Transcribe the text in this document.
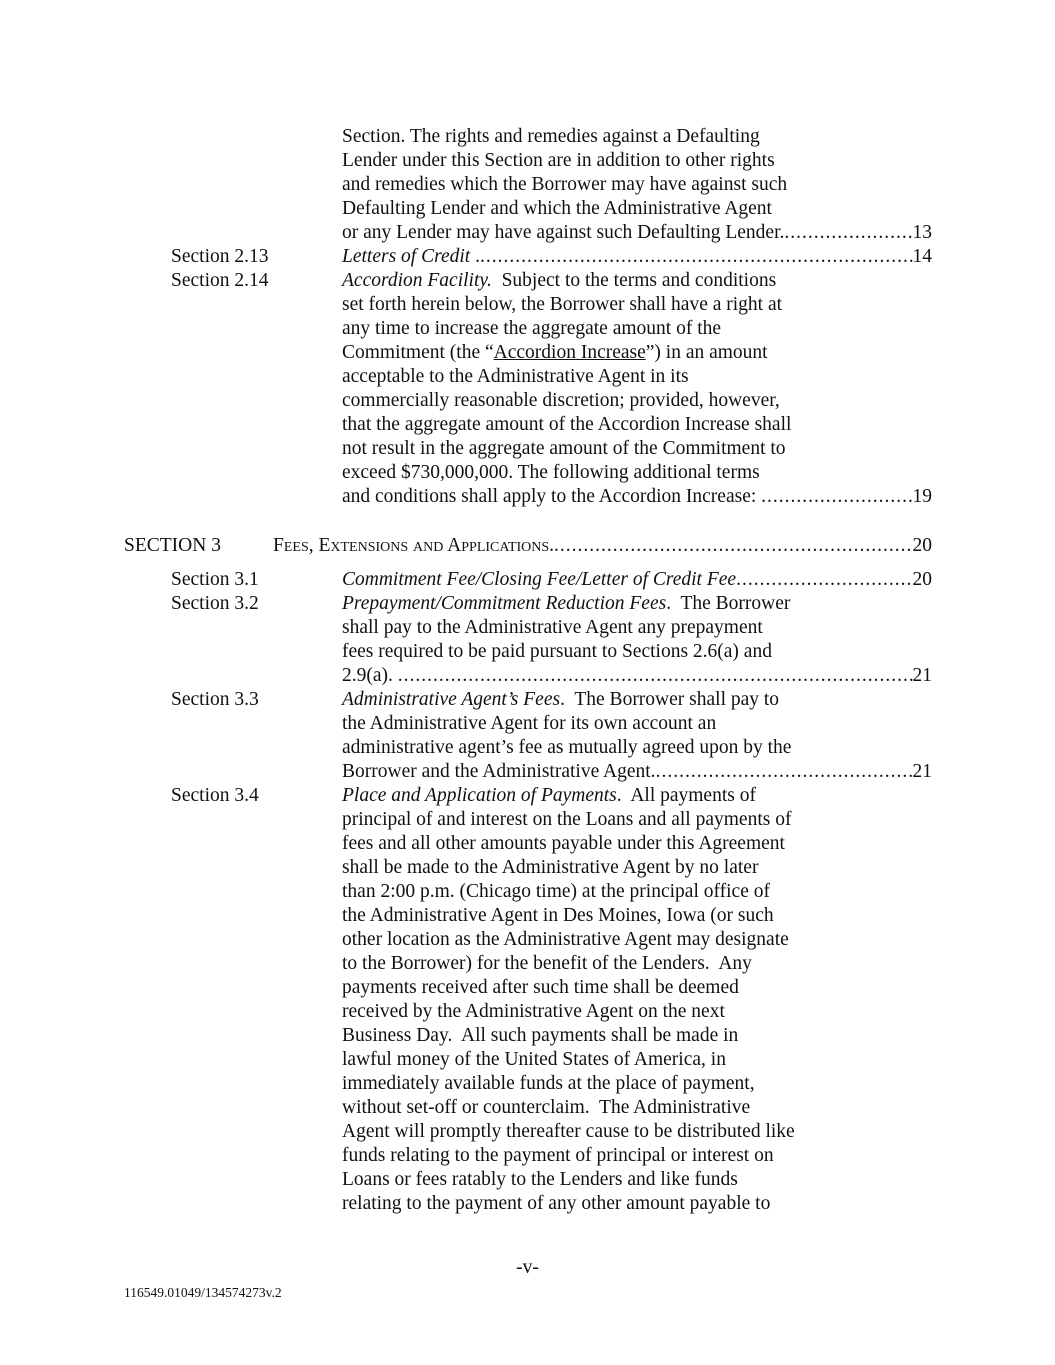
Section. The rights and remedies against a Defaulting
Lender under this Section are in addition to other rights
and remedies which the Borrower may have against such
Defaulting Lender and which the Administrative Agent
or any Lender may have against such Defaulting Lender. .....	13
Section 2.13	Letters of Credit . .....	14
Section 2.14	Accordion Facility.  Subject to the terms and conditions
set forth herein below, the Borrower shall have a right at
any time to increase the aggregate amount of the
Commitment (the “Accordion Increase”) in an amount
acceptable to the Administrative Agent in its
commercially reasonable discretion; provided, however,
that the aggregate amount of the Accordion Increase shall
not result in the aggregate amount of the Commitment to
exceed $730,000,000. The following additional terms
and conditions shall apply to the Accordion Increase: .....	19
SECTION 3	Fees, Extensions and Applications. .....	20
Section 3.1	Commitment Fee/Closing Fee/Letter of Credit Fee .....	20
Section 3.2	Prepayment/Commitment Reduction Fees.  The Borrower
shall pay to the Administrative Agent any prepayment
fees required to be paid pursuant to Sections 2.6(a) and
2.9(a). .....	21
Section 3.3	Administrative Agent’s Fees.  The Borrower shall pay to
the Administrative Agent for its own account an
administrative agent’s fee as mutually agreed upon by the
Borrower and the Administrative Agent. .....	21
Section 3.4	Place and Application of Payments.  All payments of
principal of and interest on the Loans and all payments of
fees and all other amounts payable under this Agreement
shall be made to the Administrative Agent by no later
than 2:00 p.m. (Chicago time) at the principal office of
the Administrative Agent in Des Moines, Iowa (or such
other location as the Administrative Agent may designate
to the Borrower) for the benefit of the Lenders.  Any
payments received after such time shall be deemed
received by the Administrative Agent on the next
Business Day.  All such payments shall be made in
lawful money of the United States of America, in
immediately available funds at the place of payment,
without set-off or counterclaim.  The Administrative
Agent will promptly thereafter cause to be distributed like
funds relating to the payment of principal or interest on
Loans or fees ratably to the Lenders and like funds
relating to the payment of any other amount payable to
-v-
116549.01049/134574273v.2
